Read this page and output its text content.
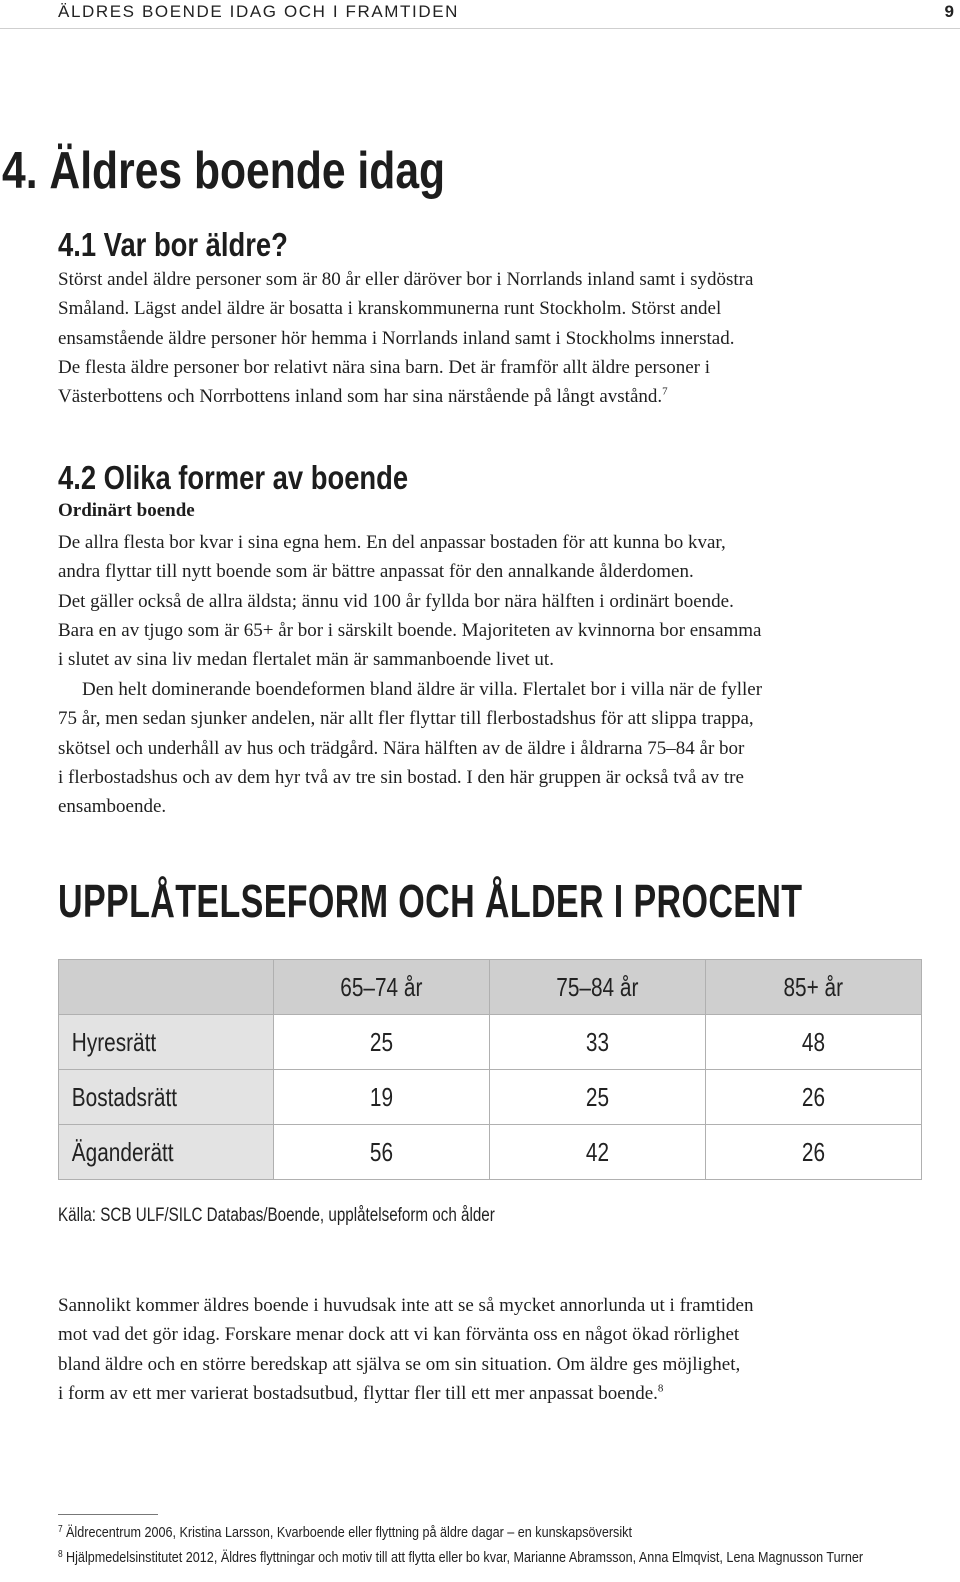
ÄLDRES BOENDE IDAG OCH I FRAMTIDEN	9
4. Äldres boende idag
4.1 Var bor äldre?
Störst andel äldre personer som är 80 år eller däröver bor i Norrlands inland samt i sydöstra
Småland. Lägst andel äldre är bosatta i kranskommunerna runt Stockholm. Störst andel
ensamstående äldre personer hör hemma i Norrlands inland samt i Stockholms innerstad.
De flesta äldre personer bor relativt nära sina barn. Det är framför allt äldre personer i
Västerbottens och Norrbottens inland som har sina närstående på långt avstånd.$^7$
4.2 Olika former av boende
Ordinärt boende
De allra flesta bor kvar i sina egna hem. En del anpassar bostaden för att kunna bo kvar,
andra flyttar till nytt boende som är bättre anpassat för den annalkande ålderdomen.
Det gäller också de allra äldsta; ännu vid 100 år fyllda bor nära hälften i ordinärt boende.
Bara en av tjugo som är 65+ år bor i särskilt boende. Majoriteten av kvinnorna bor ensamma
i slutet av sina liv medan flertalet män är sammanboende livet ut.
Den helt dominerande boendeformen bland äldre är villa. Flertalet bor i villa när de fyller
75 år, men sedan sjunker andelen, när allt fler flyttar till flerbostadshus för att slippa trappa,
skötsel och underhåll av hus och trädgård. Nära hälften av de äldre i åldrarna 75–84 år bor
i flerbostadshus och av dem hyr två av tre sin bostad. I den här gruppen är också två av tre
ensamboende.
UPPLÅTELSEFORM OCH ÅLDER I PROCENT
	65–74 år	75–84 år	85+ år
Hyresrätt	25	33	48
Bostadsrätt	19	25	26
Äganderätt	56	42	26
Källa: SCB ULF/SILC Databas/Boende, upplåtelseform och ålder
Sannolikt kommer äldres boende i huvudsak inte att se så mycket annorlunda ut i framtiden
mot vad det gör idag. Forskare menar dock att vi kan förvänta oss en något ökad rörlighet
bland äldre och en större beredskap att själva se om sin situation. Om äldre ges möjlighet,
i form av ett mer varierat bostadsutbud, flyttar fler till ett mer anpassat boende.$^8$
$^7$ Äldrecentrum 2006, Kristina Larsson, Kvarboende eller flyttning på äldre dagar – en kunskapsöversikt
$^8$ Hjälpmedelsinstitutet 2012, Äldres flyttningar och motiv till att flytta eller bo kvar, Marianne Abramsson, Anna Elmqvist, Lena Magnusson Turner
